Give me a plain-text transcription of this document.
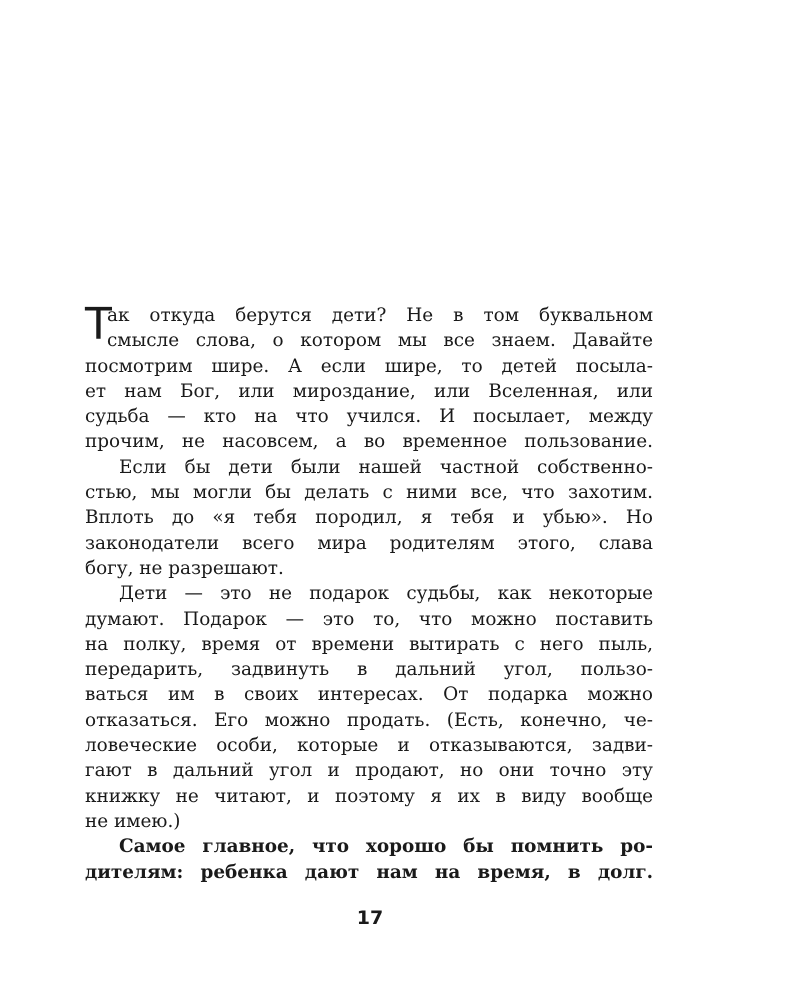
Т
ак откуда берутся дети? Не в том буквальном
смысле слова, о котором мы все знаем. Давайте
посмотрим шире. А если шире, то детей посыла-
ет нам Бог, или мироздание, или Вселенная, или
судьба — кто на что учился. И посылает, между
прочим, не насовсем, а во временное пользование.
Если бы дети были нашей частной собственно-
стью, мы могли бы делать с ними все, что захотим.
Вплоть до «я тебя породил, я тебя и убью». Но
законодатели всего мира родителям этого, слава
богу, не разрешают.
Дети — это не подарок судьбы, как некоторые
думают. Подарок — это то, что можно поставить
на полку, время от времени вытирать с него пыль,
передарить, задвинуть в дальний угол, пользо-
ваться им в своих интересах. От подарка можно
отказаться. Его можно продать. (Есть, конечно, че-
ловеческие особи, которые и отказываются, задви-
гают в дальний угол и продают, но они точно эту
книжку не читают, и поэтому я их в виду вообще
не имею.)
Самое главное, что хорошо бы помнить ро-
дителям: ребенка дают нам на время, в долг.
17
